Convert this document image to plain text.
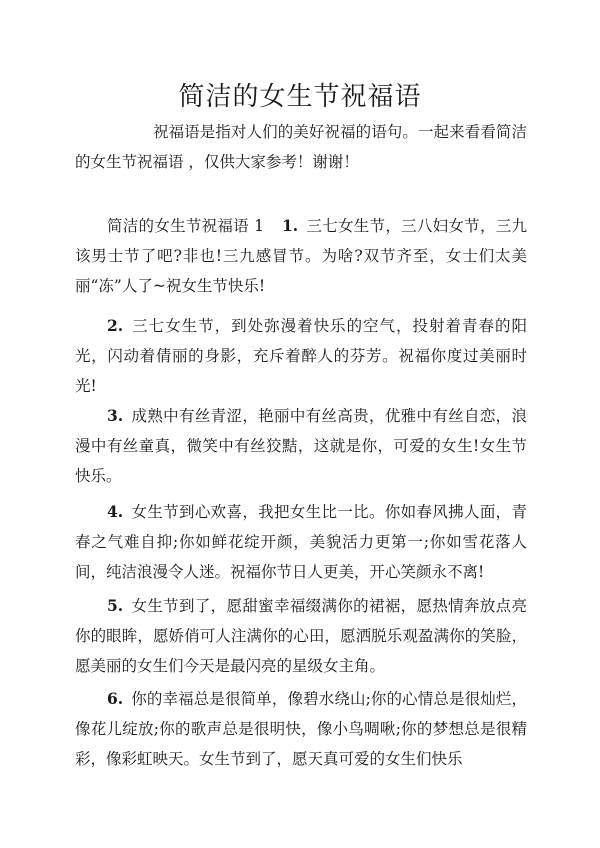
简洁的女生节祝福语

祝福语是指对人们的美好祝福的语句。一起来看看简洁的女生节祝福语 ，仅供大家参考！谢谢！

简洁的女生节祝福语 1 1. 三七女生节，三八妇女节，三九该男士节了吧?非也!三九感冒节。为啥?双节齐至，女士们太美丽“冻”人了~祝女生节快乐!

2. 三七女生节，到处弥漫着快乐的空气，投射着青春的阳光，闪动着倩丽的身影，充斥着醉人的芬芳。祝福你度过美丽时光!

3. 成熟中有丝青涩，艳丽中有丝高贵，优雅中有丝自恋，浪漫中有丝童真，微笑中有丝狡黠，这就是你，可爱的女生!女生节快乐。

4. 女生节到心欢喜，我把女生比一比。你如春风拂人面，青春之气难自抑;你如鲜花绽开颜，美貌活力更第一;你如雪花落人间，纯洁浪漫令人迷。祝福你节日人更美，开心笑颜永不离!

5. 女生节到了，愿甜蜜幸福缀满你的裙裾，愿热情奔放点亮你的眼眸，愿娇俏可人注满你的心田，愿洒脱乐观盈满你的笑脸，愿美丽的女生们今天是最闪亮的星级女主角。

6. 你的幸福总是很简单，像碧水绕山;你的心情总是很灿烂，像花儿绽放;你的歌声总是很明快，像小鸟啁啾;你的梦想总是很精彩，像彩虹映天。女生节到了，愿天真可爱的女生们快乐
